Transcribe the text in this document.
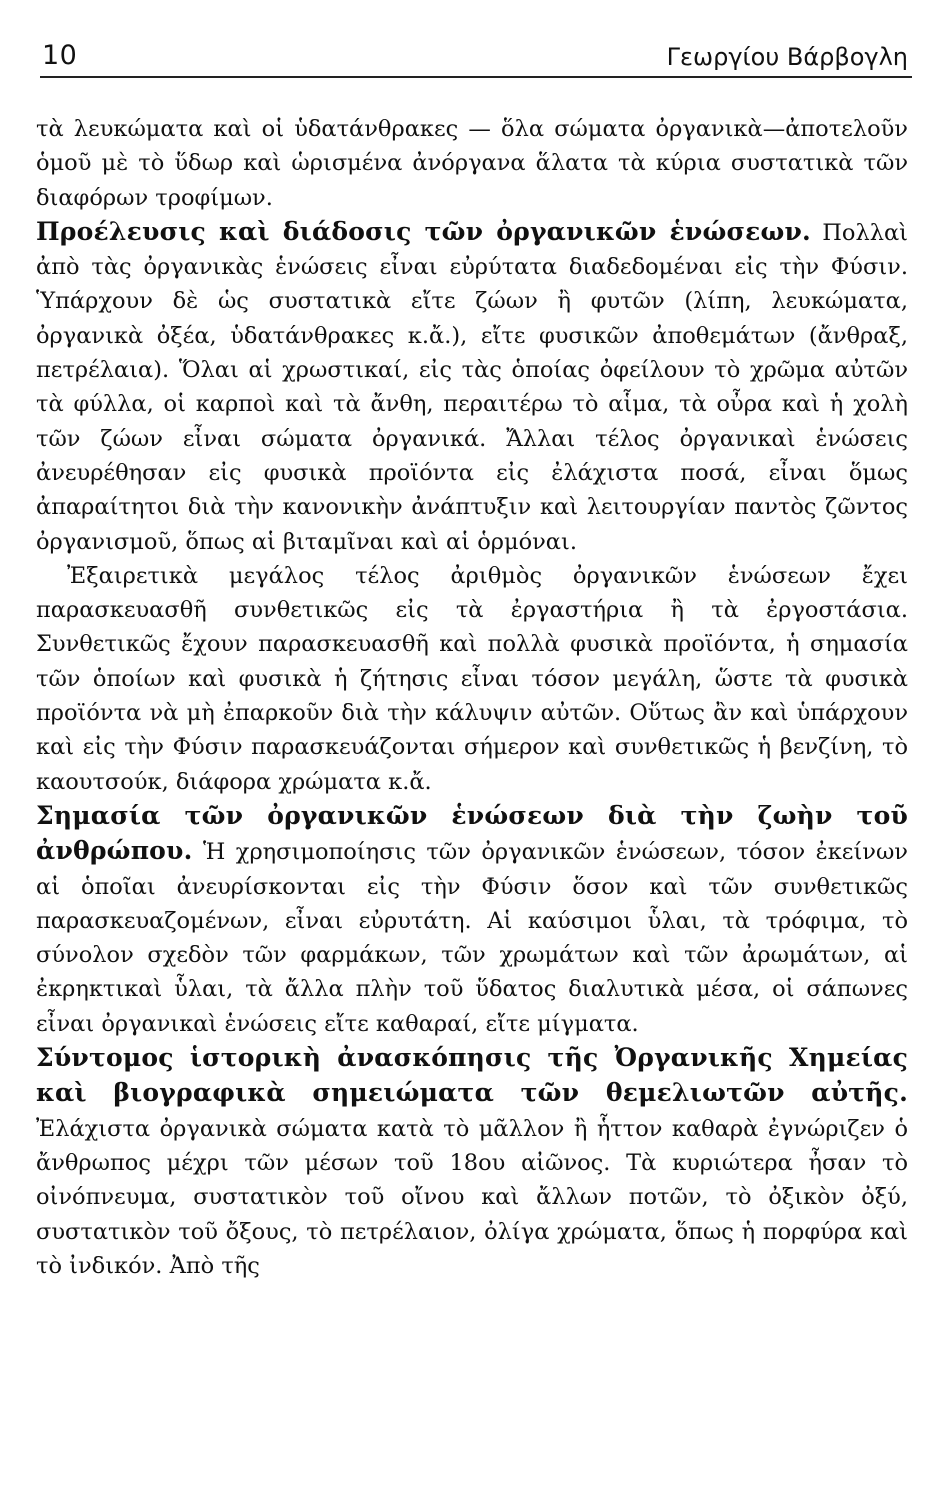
10	Γεωργίου Βάρβογλη

τὰ λευκώματα καὶ οἱ ὑδατάνθρακες — ὅλα σώματα ὀργανικὰ—ἀποτελοῦν ὁμοῦ μὲ τὸ ὕδωρ καὶ ὡρισμένα ἀνόργανα ἅλατα τὰ κύρια συστατικὰ τῶν διαφόρων τροφίμων.

Προέλευσις καὶ διάδοσις τῶν ὀργανικῶν ἑνώσεων. Πολλαὶ ἀπὸ τὰς ὀργανικὰς ἑνώσεις εἶναι εὐρύτατα διαδεδομέναι εἰς τὴν Φύσιν. Ὑπάρχουν δὲ ὡς συστατικὰ εἴτε ζώων ἢ φυτῶν (λίπη, λευκώματα, ὀργανικὰ ὀξέα, ὑδατάνθρακες κ.ἄ.), εἴτε φυσικῶν ἀποθεμάτων (ἄνθραξ, πετρέλαια). Ὅλαι αἱ χρωστικαί, εἰς τὰς ὁποίας ὀφείλουν τὸ χρῶμα αὐτῶν τὰ φύλλα, οἱ καρποὶ καὶ τὰ ἄνθη, περαιτέρω τὸ αἷμα, τὰ οὖρα καὶ ἡ χολὴ τῶν ζώων εἶναι σώματα ὀργανικά. Ἄλλαι τέλος ὀργανικαὶ ἑνώσεις ἀνευρέθησαν εἰς φυσικὰ προϊόντα εἰς ἐλάχιστα ποσά, εἶναι ὅμως ἀπαραίτητοι διὰ τὴν κανονικὴν ἀνάπτυξιν καὶ λειτουργίαν παντὸς ζῶντος ὀργανισμοῦ, ὅπως αἱ βιταμῖναι καὶ αἱ ὁρμόναι.

Ἐξαιρετικὰ μεγάλος τέλος ἀριθμὸς ὀργανικῶν ἑνώσεων ἔχει παρασκευασθῆ συνθετικῶς εἰς τὰ ἐργαστήρια ἢ τὰ ἐργοστάσια. Συνθετικῶς ἔχουν παρασκευασθῆ καὶ πολλὰ φυσικὰ προϊόντα, ἡ σημασία τῶν ὁποίων καὶ φυσικὰ ἡ ζήτησις εἶναι τόσον μεγάλη, ὥστε τὰ φυσικὰ προϊόντα νὰ μὴ ἐπαρκοῦν διὰ τὴν κάλυψιν αὐτῶν. Οὕτως ἂν καὶ ὑπάρχουν καὶ εἰς τὴν Φύσιν παρασκευάζονται σήμερον καὶ συνθετικῶς ἡ βενζίνη, τὸ καουτσούκ, διάφορα χρώματα κ.ἄ.

Σημασία τῶν ὀργανικῶν ἑνώσεων διὰ τὴν ζωὴν τοῦ ἀνθρώπου. Ἡ χρησιμοποίησις τῶν ὀργανικῶν ἑνώσεων, τόσον ἐκείνων αἱ ὁποῖαι ἀνευρίσκονται εἰς τὴν Φύσιν ὅσον καὶ τῶν συνθετικῶς παρασκευαζομένων, εἶναι εὐρυτάτη. Αἱ καύσιμοι ὗλαι, τὰ τρόφιμα, τὸ σύνολον σχεδὸν τῶν φαρμάκων, τῶν χρωμάτων καὶ τῶν ἀρωμάτων, αἱ ἐκρηκτικαὶ ὗλαι, τὰ ἄλλα πλὴν τοῦ ὕδατος διαλυτικὰ μέσα, οἱ σάπωνες εἶναι ὀργανικαὶ ἑνώσεις εἴτε καθαραί, εἴτε μίγματα.

Σύντομος ἱστορικὴ ἀνασκόπησις τῆς Ὀργανικῆς Χημείας καὶ βιογραφικὰ σημειώματα τῶν θεμελιωτῶν αὐτῆς. Ἐλάχιστα ὀργανικὰ σώματα κατὰ τὸ μᾶλλον ἢ ἧττον καθαρὰ ἐγνώριζεν ὁ ἄνθρωπος μέχρι τῶν μέσων τοῦ 18ου αἰῶνος. Τὰ κυριώτερα ἦσαν τὸ οἰνόπνευμα, συστατικὸν τοῦ οἴνου καὶ ἄλλων ποτῶν, τὸ ὀξικὸν ὀξύ, συστατικὸν τοῦ ὄξους, τὸ πετρέλαιον, ὀλίγα χρώματα, ὅπως ἡ πορφύρα καὶ τὸ ἰνδικόν. Ἀπὸ τῆς
